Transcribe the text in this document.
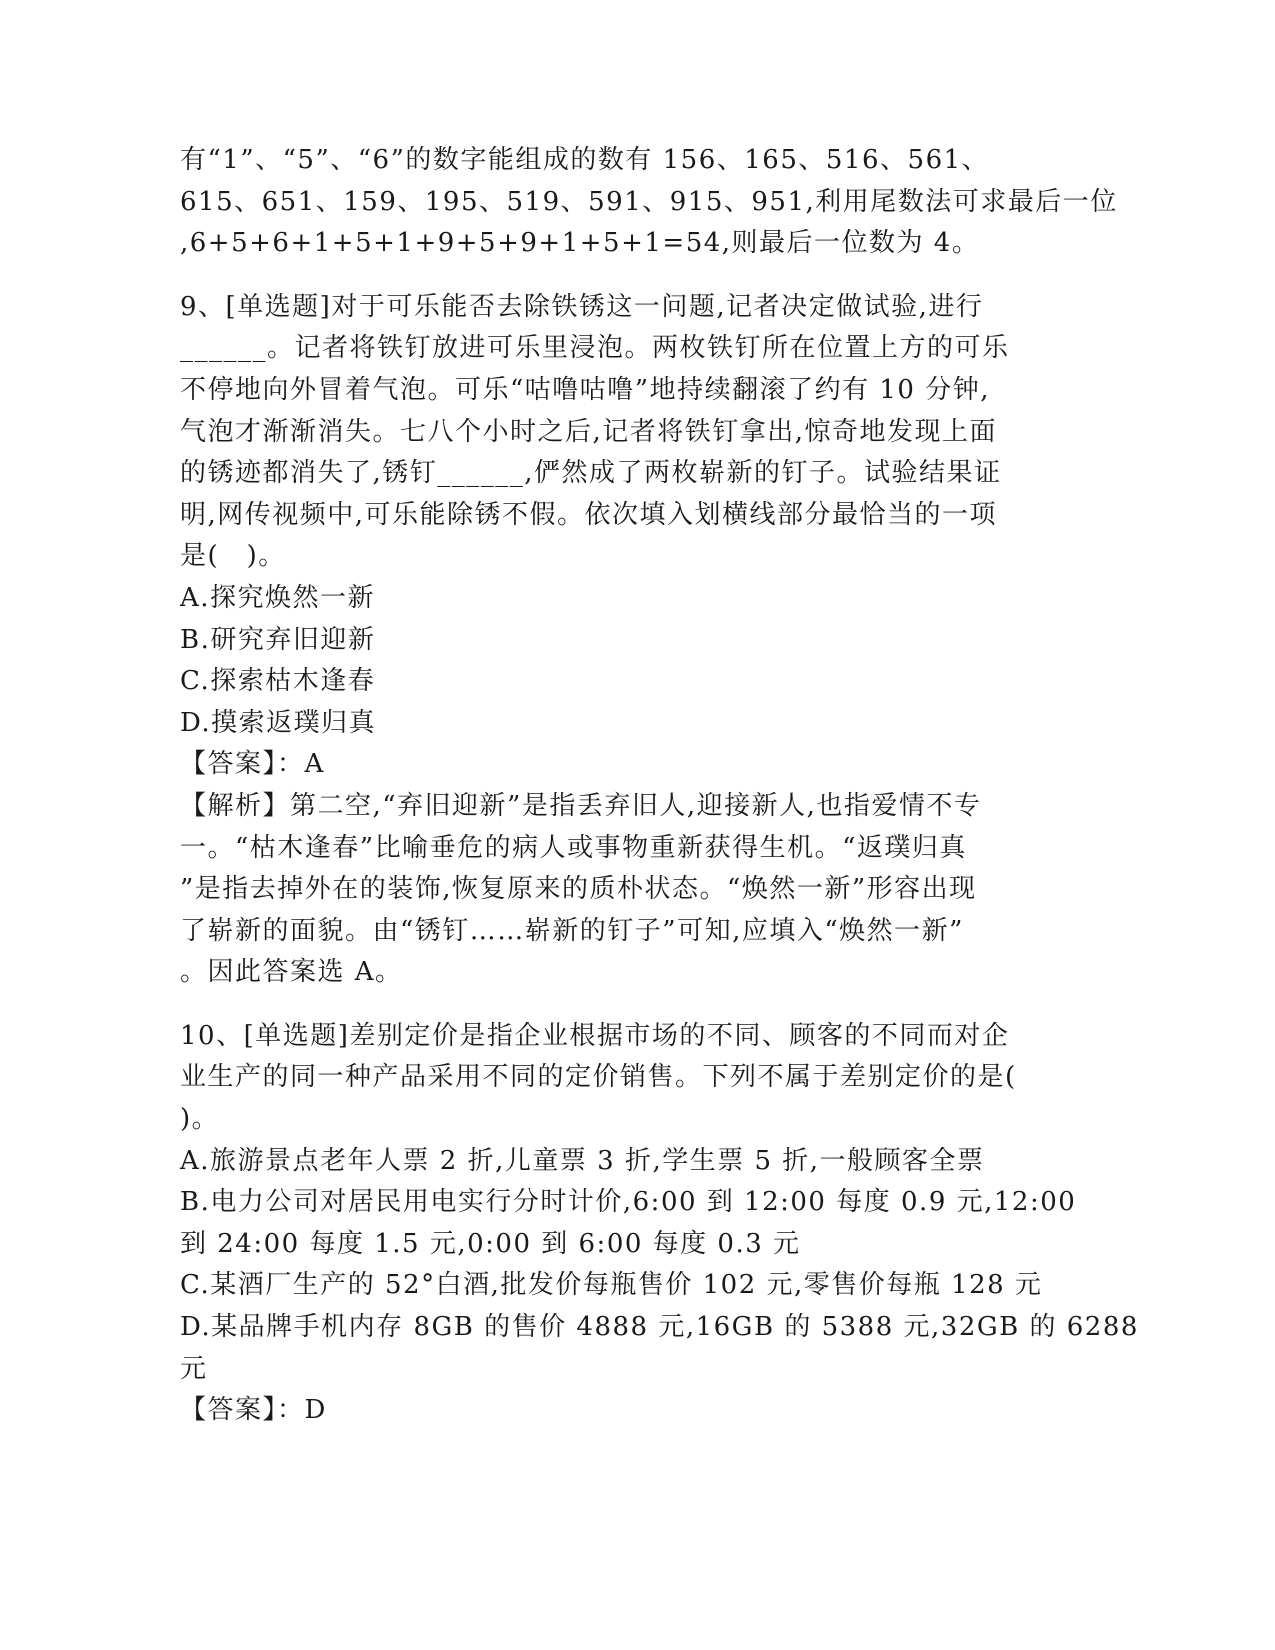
有“1”、“5”、“6”的数字能组成的数有 156、165、516、561、
615、651、159、195、519、591、915、951,利用尾数法可求最后一位
,6+5+6+1+5+1+9+5+9+1+5+1=54,则最后一位数为 4。
9、[单选题]对于可乐能否去除铁锈这一问题,记者决定做试验,进行
______。记者将铁钉放进可乐里浸泡。两枚铁钉所在位置上方的可乐
不停地向外冒着气泡。可乐“咕噜咕噜”地持续翻滚了约有 10 分钟,
气泡才渐渐消失。七八个小时之后,记者将铁钉拿出,惊奇地发现上面
的锈迹都消失了,锈钉______,俨然成了两枚崭新的钉子。试验结果证
明,网传视频中,可乐能除锈不假。依次填入划横线部分最恰当的一项
是(　)。
A.探究焕然一新
B.研究弃旧迎新
C.探索枯木逢春
D.摸索返璞归真
【答案】：A
【解析】第二空,“弃旧迎新”是指丢弃旧人,迎接新人,也指爱情不专
一。“枯木逢春”比喻垂危的病人或事物重新获得生机。“返璞归真
”是指去掉外在的装饰,恢复原来的质朴状态。“焕然一新”形容出现
了崭新的面貌。由“锈钉……崭新的钉子”可知,应填入“焕然一新”
。因此答案选 A。
10、[单选题]差别定价是指企业根据市场的不同、顾客的不同而对企
业生产的同一种产品采用不同的定价销售。下列不属于差别定价的是(
)。
A.旅游景点老年人票 2 折,儿童票 3 折,学生票 5 折,一般顾客全票
B.电力公司对居民用电实行分时计价,6:00 到 12:00 每度 0.9 元,12:00
到 24:00 每度 1.5 元,0:00 到 6:00 每度 0.3 元
C.某酒厂生产的 52°白酒,批发价每瓶售价 102 元,零售价每瓶 128 元
D.某品牌手机内存 8GB 的售价 4888 元,16GB 的 5388 元,32GB 的 6288
元
【答案】：D
